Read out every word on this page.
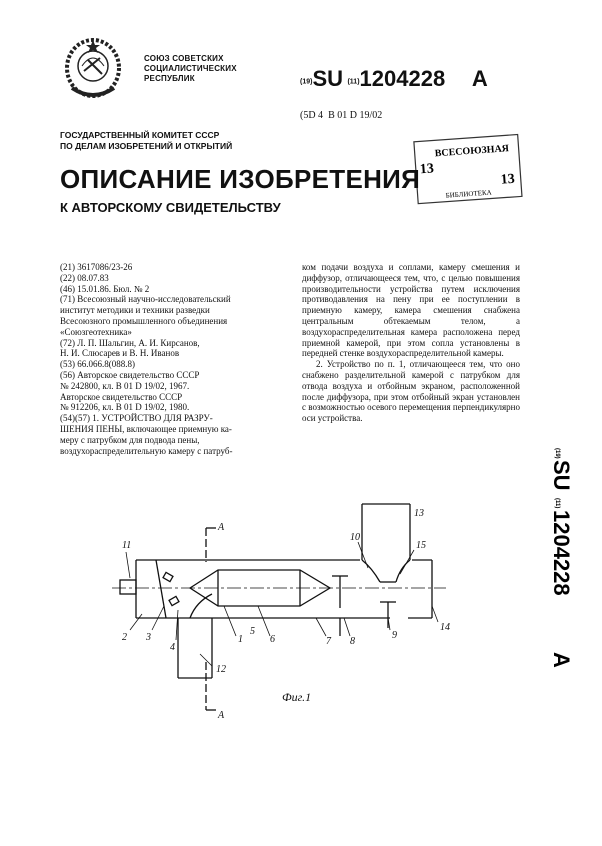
СОЮЗ СОВЕТСКИХ
СОЦИАЛИСТИЧЕСКИХ
РЕСПУБЛИК	(19)SU (11)1204228 A
(5D 4 В 01 D 19/02
ГОСУДАРСТВЕННЫЙ КОМИТЕТ СССР
ПО ДЕЛАМ ИЗОБРЕТЕНИЙ И ОТКРЫТИЙ	ВСЕСОЮЗНАЯ
13
13
БИБЛИОТЕКА
ОПИСАНИЕ ИЗОБРЕТЕНИЯ
К АВТОРСКОМУ СВИДЕТЕЛЬСТВУ
(21) 3617086/23-26
(22) 08.07.83
(46) 15.01.86. Бюл. № 2
(71) Всесоюзный научно-исследовательский
институт методики и техники разведки
Всесоюзного промышленного объединения
«Союзгеотехника»
(72) Л. П. Шальгин, А. И. Кирсанов,
Н. И. Слюсарев и В. Н. Иванов
(53) 66.066.8(088.8)
(56) Авторское свидетельство СССР
№ 242800, кл. В 01 D 19/02, 1967.
Авторское свидетельство СССР
№ 912206, кл. В 01 D 19/02, 1980.
(54)(57) 1. УСТРОЙСТВО ДЛЯ РАЗРУ-
ШЕНИЯ ПЕНЫ, включающее приемную ка-
меру с патрубком для подвода пены,
воздухораспределительную камеру с патруб-

ком подачи воздуха и соплами, камеру смешения и диффузор, отличающееся тем, что, с целью повышения производительности устройства путем исключения противодавления на пену при ее поступлении в приемную камеру, камера смешения снабжена центральным обтекаемым телом, а воздухораспределительная камера расположена перед приемной камерой, при этом сопла установлены в передней стенке воздухораспределительной камеры.

2. Устройство по п. 1, отличающееся тем, что оно снабжено разделительной камерой с патрубком для отвода воздуха и отбойным экраном, расположенной после диффузора, при этом отбойный экран установлен с возможностью осевого перемещения перпендикулярно оси устройства.

(19)
SU
(11)
1204228
A
A
A
11
2 3
4
1
12
5
6	7 8
9
10
15
13
14
Фиг.1
